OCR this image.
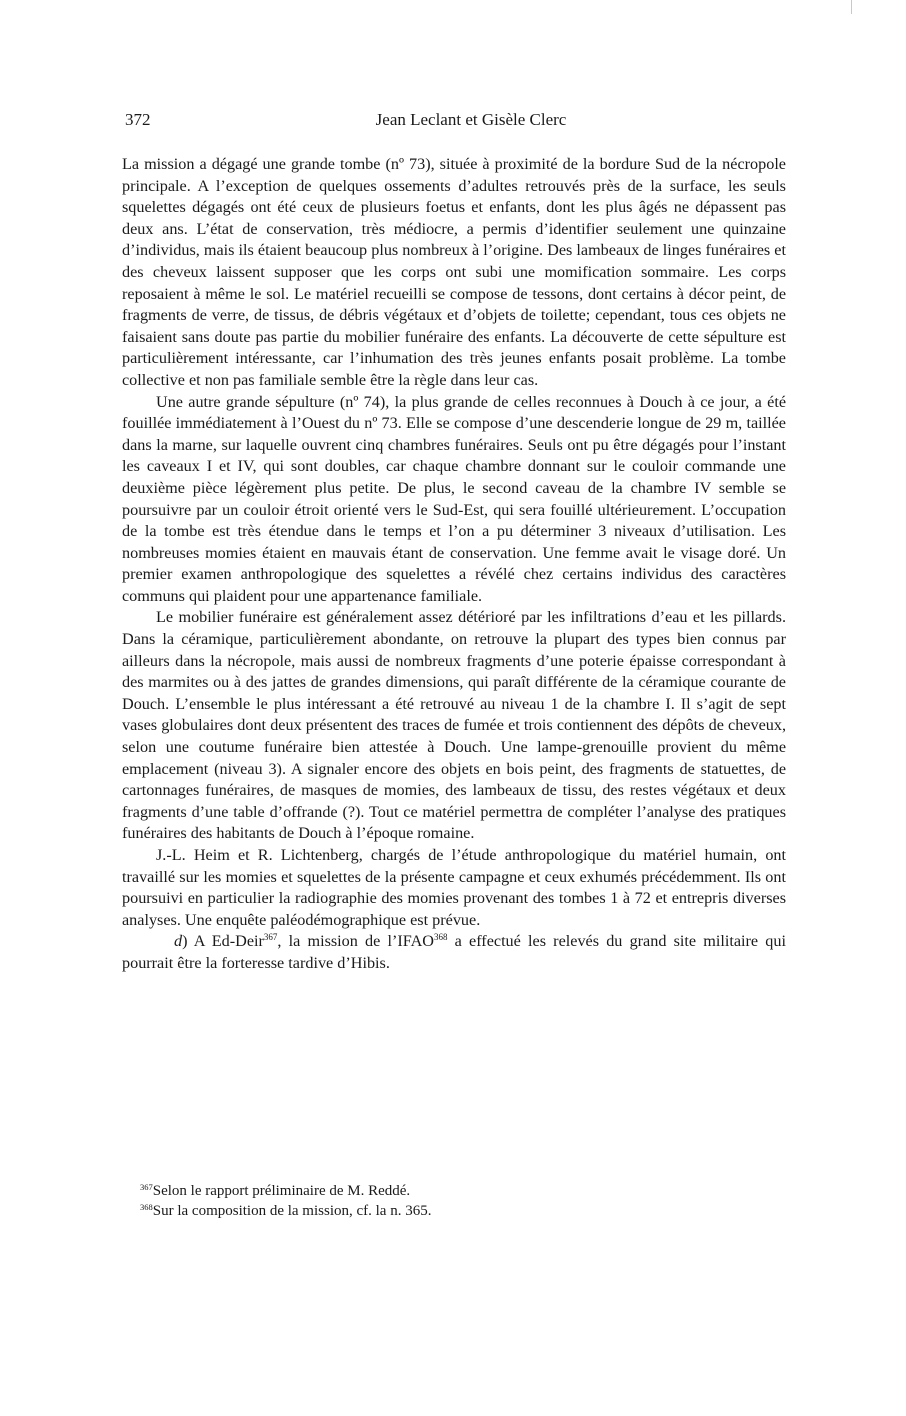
372	Jean Leclant et Gisèle Clerc

La mission a dégagé une grande tombe (nº 73), située à proximité de la bordure Sud de la nécropole principale. A l’exception de quelques ossements d’adultes retrouvés près de la surface, les seuls squelettes dégagés ont été ceux de plusieurs foetus et enfants, dont les plus âgés ne dépassent pas deux ans. L’état de conservation, très médiocre, a permis d’identifier seulement une quinzaine d’individus, mais ils étaient beaucoup plus nombreux à l’origine. Des lambeaux de linges funéraires et des cheveux laissent supposer que les corps ont subi une momification sommaire. Les corps reposaient à même le sol. Le matériel recueilli se compose de tessons, dont certains à décor peint, de fragments de verre, de tissus, de débris végétaux et d’objets de toilette; cependant, tous ces objets ne faisaient sans doute pas partie du mobilier funéraire des enfants. La découverte de cette sépulture est particulièrement intéressante, car l’inhumation des très jeunes enfants posait problème. La tombe collective et non pas familiale semble être la règle dans leur cas.

Une autre grande sépulture (nº 74), la plus grande de celles reconnues à Douch à ce jour, a été fouillée immédiatement à l’Ouest du nº 73. Elle se compose d’une descenderie longue de 29 m, taillée dans la marne, sur laquelle ouvrent cinq chambres funéraires. Seuls ont pu être dégagés pour l’instant les caveaux I et IV, qui sont doubles, car chaque chambre donnant sur le couloir commande une deuxième pièce légèrement plus petite. De plus, le second caveau de la chambre IV semble se poursuivre par un couloir étroit orienté vers le Sud-Est, qui sera fouillé ultérieurement. L’occupation de la tombe est très étendue dans le temps et l’on a pu déterminer 3 niveaux d’utilisation. Les nombreuses momies étaient en mauvais étant de conservation. Une femme avait le visage doré. Un premier examen anthropologique des squelettes a révélé chez certains individus des caractères communs qui plaident pour une appartenance familiale.

Le mobilier funéraire est généralement assez détérioré par les infiltrations d’eau et les pillards. Dans la céramique, particulièrement abondante, on retrouve la plupart des types bien connus par ailleurs dans la nécropole, mais aussi de nombreux fragments d’une poterie épaisse correspondant à des marmites ou à des jattes de grandes dimensions, qui paraît différente de la céramique courante de Douch. L’ensemble le plus intéressant a été retrouvé au niveau 1 de la chambre I. Il s’agit de sept vases globulaires dont deux présentent des traces de fumée et trois contiennent des dépôts de cheveux, selon une coutume funéraire bien attestée à Douch. Une lampe-grenouille provient du même emplacement (niveau 3). A signaler encore des objets en bois peint, des fragments de statuettes, de cartonnages funéraires, de masques de momies, des lambeaux de tissu, des restes végétaux et deux fragments d’une table d’offrande (?). Tout ce matériel permettra de compléter l’analyse des pratiques funéraires des habitants de Douch à l’époque romaine.

J.-L. Heim et R. Lichtenberg, chargés de l’étude anthropologique du matériel humain, ont travaillé sur les momies et squelettes de la présente campagne et ceux exhumés précédemment. Ils ont poursuivi en particulier la radiographie des momies provenant des tombes 1 à 72 et entrepris diverses analyses. Une enquête paléodémographique est prévue.

d) A Ed-Deir$^{367}$, la mission de l’IFAO$^{368}$ a effectué les relevés du grand site militaire qui pourrait être la forteresse tardive d’Hibis.

$^{367}$Selon le rapport préliminaire de M. Reddé.

$^{368}$Sur la composition de la mission, cf. la n. 365.
